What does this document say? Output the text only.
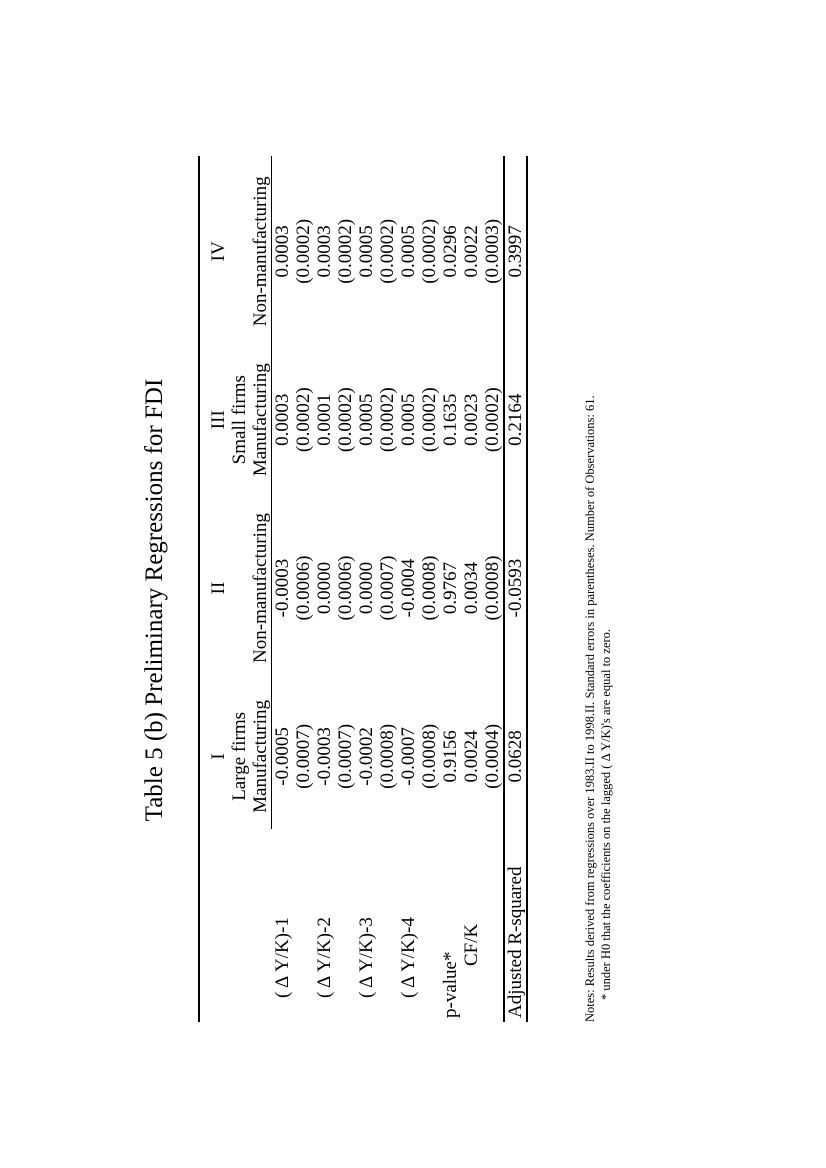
Table 5 (b) Preliminary Regressions for FDI

	I	II	III	IV
	Large firms		Small firms	
	Manufacturing	Non-manufacturing	Manufacturing	Non-manufacturing
( Δ Y/K)-1	-0.0005	-0.0003	0.0003	0.0003
	(0.0007)	(0.0006)	(0.0002)	(0.0002)
( Δ Y/K)-2	-0.0003	0.0000	0.0001	0.0003
	(0.0007)	(0.0006)	(0.0002)	(0.0002)
( Δ Y/K)-3	-0.0002	0.0000	0.0005	0.0005
	(0.0008)	(0.0007)	(0.0002)	(0.0002)
( Δ Y/K)-4	-0.0007	-0.0004	0.0005	0.0005
	(0.0008)	(0.0008)	(0.0002)	(0.0002)
p-value*	0.9156	0.9767	0.1635	0.0296
CF/K	0.0024	0.0034	0.0023	0.0022
	(0.0004)	(0.0008)	(0.0002)	(0.0003)
Adjusted R-squared	0.0628	-0.0593	0.2164	0.3997
Notes: Results derived from regressions over 1983.II to 1998.II. Standard errors in parentheses. Number of Observations: 61. * under H0 that the coefficients on the lagged ( Δ Y/K)'s are equal to zero.
